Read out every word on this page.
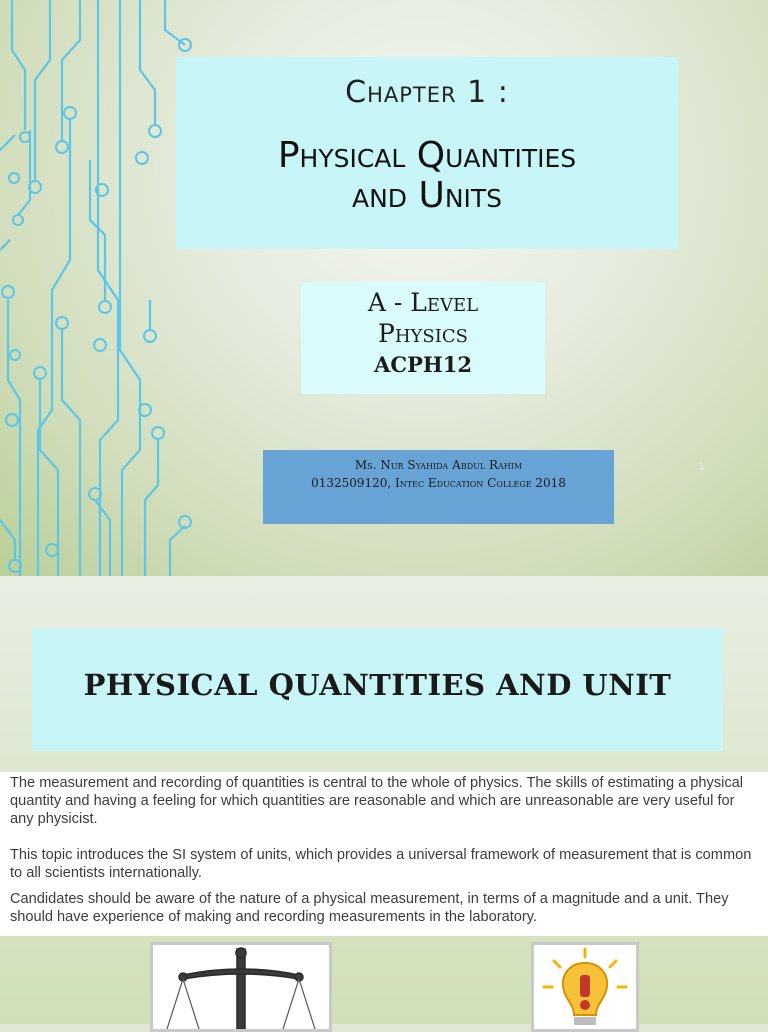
Chapter 1 :
Physical Quantities
and Units
A - Level
Physics
ACPH12
Ms. Nur Syahida Abdul Rahim
0132509120, Intec Education College 2018
1
PHYSICAL QUANTITIES AND UNIT
The measurement and recording of quantities is central to the whole of physics. The skills of estimating a physical quantity and having a feeling for which quantities are reasonable and which are unreasonable are very useful for any physicist.
This topic introduces the SI system of units, which provides a universal framework of measurement that is common to all scientists internationally.
Candidates should be aware of the nature of a physical measurement, in terms of a magnitude and a unit. They should have experience of making and recording measurements in the laboratory.
